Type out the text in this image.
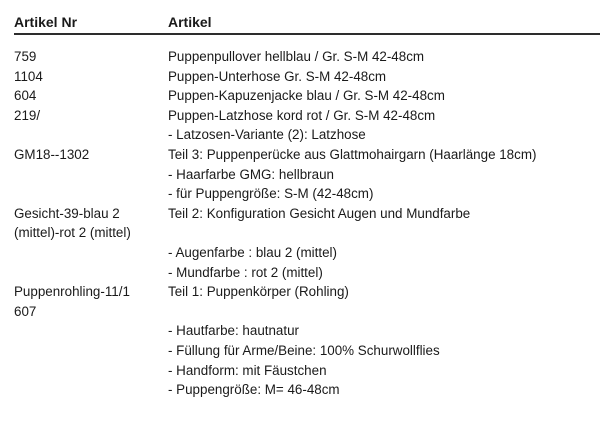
Artikel Nr	Artikel
759	Puppenpullover hellblau / Gr. S-M 42-48cm
1104	Puppen-Unterhose Gr. S-M 42-48cm
604	Puppen-Kapuzenjacke blau / Gr. S-M 42-48cm
219/	Puppen-Latzhose kord rot / Gr. S-M 42-48cm
- Latzosen-Variante (2): Latzhose
GM18--1302	Teil 3: Puppenperücke aus Glattmohairgarn (Haarlänge 18cm)
- Haarfarbe GMG: hellbraun
- für Puppengröße: S-M (42-48cm)
Gesicht-39-blau 2	Teil 2: Konfiguration Gesicht Augen und Mundfarbe
(mittel)-rot 2 (mittel)
- Augenfarbe : blau 2 (mittel)
- Mundfarbe : rot 2 (mittel)
Puppenrohling-11/1	Teil 1: Puppenkörper (Rohling)
607
- Hautfarbe: hautnatur
- Füllung für Arme/Beine: 100% Schurwollflies
- Handform: mit Fäustchen
- Puppengröße: M= 46-48cm
